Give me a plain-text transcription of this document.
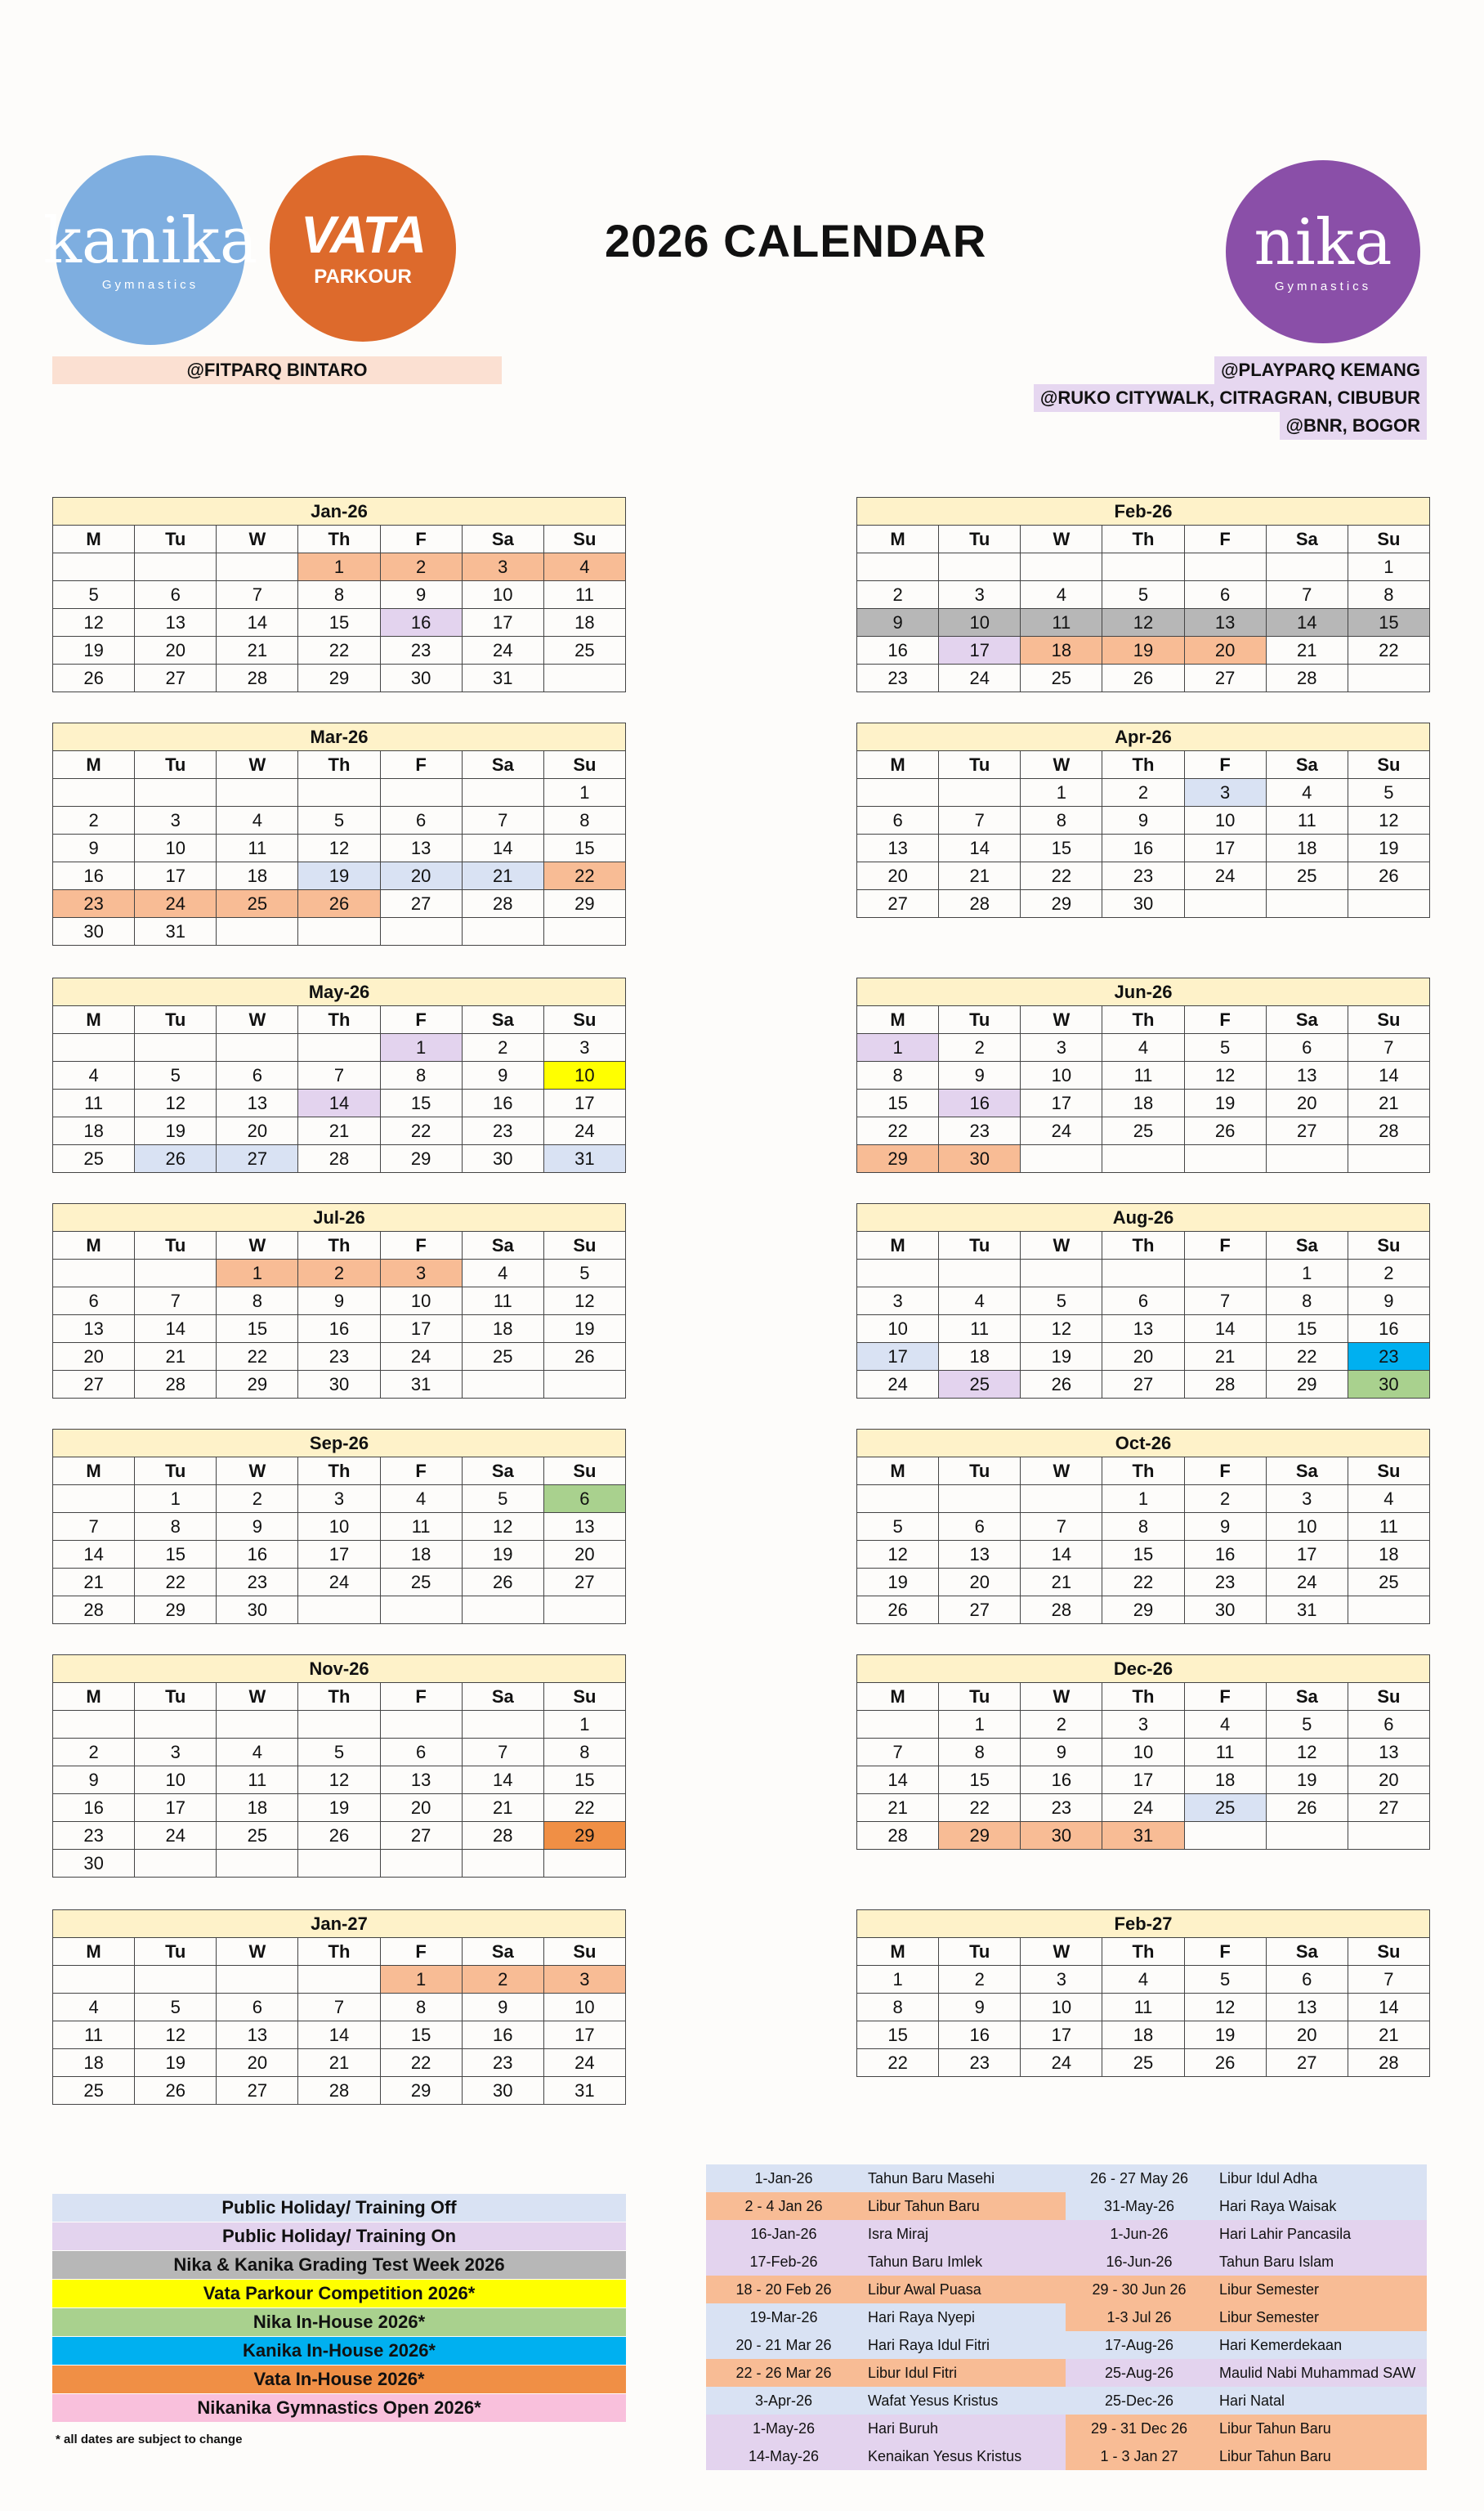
kanika
Gymnastics
VATA
PARKOUR	nika
Gymnastics
2026 CALENDAR
@FITPARQ BINTARO	@PLAYPARQ KEMANG
@RUKO CITYWALK, CITRAGRAN, CIBUBUR
@BNR, BOGOR
Jan-26						
M	Tu	W	Th	F	Sa	Su
			1	2	3	4
5	6	7	8	9	10	11
12	13	14	15	16	17	18
19	20	21	22	23	24	25
26	27	28	29	30	31	
Feb-26						
M	Tu	W	Th	F	Sa	Su
						1
2	3	4	5	6	7	8
9	10	11	12	13	14	15
16	17	18	19	20	21	22
23	24	25	26	27	28	
Mar-26						
M	Tu	W	Th	F	Sa	Su
						1
2	3	4	5	6	7	8
9	10	11	12	13	14	15
16	17	18	19	20	21	22
23	24	25	26	27	28	29
30	31					
Apr-26						
M	Tu	W	Th	F	Sa	Su
		1	2	3	4	5
6	7	8	9	10	11	12
13	14	15	16	17	18	19
20	21	22	23	24	25	26
27	28	29	30			
May-26						
M	Tu	W	Th	F	Sa	Su
				1	2	3
4	5	6	7	8	9	10
11	12	13	14	15	16	17
18	19	20	21	22	23	24
25	26	27	28	29	30	31
Jun-26						
M	Tu	W	Th	F	Sa	Su
1	2	3	4	5	6	7
8	9	10	11	12	13	14
15	16	17	18	19	20	21
22	23	24	25	26	27	28
29	30					
Jul-26						
M	Tu	W	Th	F	Sa	Su
		1	2	3	4	5
6	7	8	9	10	11	12
13	14	15	16	17	18	19
20	21	22	23	24	25	26
27	28	29	30	31		
Aug-26						
M	Tu	W	Th	F	Sa	Su
					1	2
3	4	5	6	7	8	9
10	11	12	13	14	15	16
17	18	19	20	21	22	23
24	25	26	27	28	29	30
Sep-26						
M	Tu	W	Th	F	Sa	Su
	1	2	3	4	5	6
7	8	9	10	11	12	13
14	15	16	17	18	19	20
21	22	23	24	25	26	27
28	29	30				
Oct-26						
M	Tu	W	Th	F	Sa	Su
			1	2	3	4
5	6	7	8	9	10	11
12	13	14	15	16	17	18
19	20	21	22	23	24	25
26	27	28	29	30	31	
Nov-26						
M	Tu	W	Th	F	Sa	Su
						1
2	3	4	5	6	7	8
9	10	11	12	13	14	15
16	17	18	19	20	21	22
23	24	25	26	27	28	29
30						
Dec-26						
M	Tu	W	Th	F	Sa	Su
	1	2	3	4	5	6
7	8	9	10	11	12	13
14	15	16	17	18	19	20
21	22	23	24	25	26	27
28	29	30	31			
Jan-27						
M	Tu	W	Th	F	Sa	Su
				1	2	3
4	5	6	7	8	9	10
11	12	13	14	15	16	17
18	19	20	21	22	23	24
25	26	27	28	29	30	31
Feb-27						
M	Tu	W	Th	F	Sa	Su
1	2	3	4	5	6	7
8	9	10	11	12	13	14
15	16	17	18	19	20	21
22	23	24	25	26	27	28
Public Holiday/ Training Off
Public Holiday/ Training On
Nika & Kanika Grading Test Week 2026
Vata Parkour Competition 2026*
Nika In-House 2026*
Kanika In-House 2026*
Vata In-House 2026*
Nikanika Gymnastics Open 2026*
* all dates are subject to change
1-Jan-26	Tahun Baru Masehi	26 - 27 May 26	Libur Idul Adha
2 - 4 Jan 26	Libur Tahun Baru	31-May-26	Hari Raya Waisak
16-Jan-26	Isra Miraj	1-Jun-26	Hari Lahir Pancasila
17-Feb-26	Tahun Baru Imlek	16-Jun-26	Tahun Baru Islam
18 - 20 Feb 26	Libur Awal Puasa	29 - 30 Jun 26	Libur Semester
19-Mar-26	Hari Raya Nyepi	1-3 Jul 26	Libur Semester
20 - 21 Mar 26	Hari Raya Idul Fitri	17-Aug-26	Hari Kemerdekaan
22 - 26 Mar 26	Libur Idul Fitri	25-Aug-26	Maulid Nabi Muhammad SAW
3-Apr-26	Wafat Yesus Kristus	25-Dec-26	Hari Natal
1-May-26	Hari Buruh	29 - 31 Dec 26	Libur Tahun Baru
14-May-26	Kenaikan Yesus Kristus	1 - 3 Jan 27	Libur Tahun Baru
